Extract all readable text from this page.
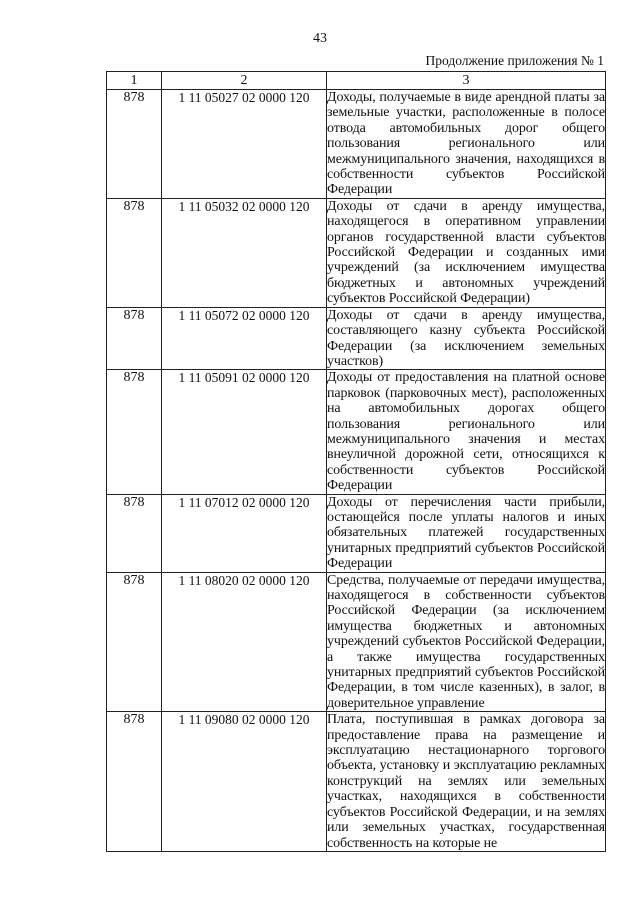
43
Продолжение приложения № 1
1	2	3
878	1 11 05027 02 0000 120	Доходы, получаемые в виде арендной платы за земельные участки, расположенные в полосе отвода автомобильных дорог общего пользования регионального или межмуниципального значения, находящихся в собственности субъектов Российской Федерации
878	1 11 05032 02 0000 120	Доходы от сдачи в аренду имущества, находящегося в оперативном управлении органов государственной власти субъектов Российской Федерации и созданных ими учреждений (за исключением имущества бюджетных и автономных учреждений субъектов Российской Федерации)
878	1 11 05072 02 0000 120	Доходы от сдачи в аренду имущества, составляющего казну субъекта Российской Федерации (за исключением земельных участков)
878	1 11 05091 02 0000 120	Доходы от предоставления на платной основе парковок (парковочных мест), расположенных на автомобильных дорогах общего пользования регионального или межмуниципального значения и местах внеуличной дорожной сети, относящихся к собственности субъектов Российской Федерации
878	1 11 07012 02 0000 120	Доходы от перечисления части прибыли, остающейся после уплаты налогов и иных обязательных платежей государственных унитарных предприятий субъектов Российской Федерации
878	1 11 08020 02 0000 120	Средства, получаемые от передачи имущества, находящегося в собственности субъектов Российской Федерации (за исключением имущества бюджетных и автономных учреждений субъектов Российской Федерации, а также имущества государственных унитарных предприятий субъектов Российской Федерации, в том числе казенных), в залог, в доверительное управление
878	1 11 09080 02 0000 120	Плата, поступившая в рамках договора за предоставление права на размещение и эксплуатацию нестационарного торгового объекта, установку и эксплуатацию рекламных конструкций на землях или земельных участках, находящихся в собственности субъектов Российской Федерации, и на землях или земельных участках, государственная собственность на которые не
